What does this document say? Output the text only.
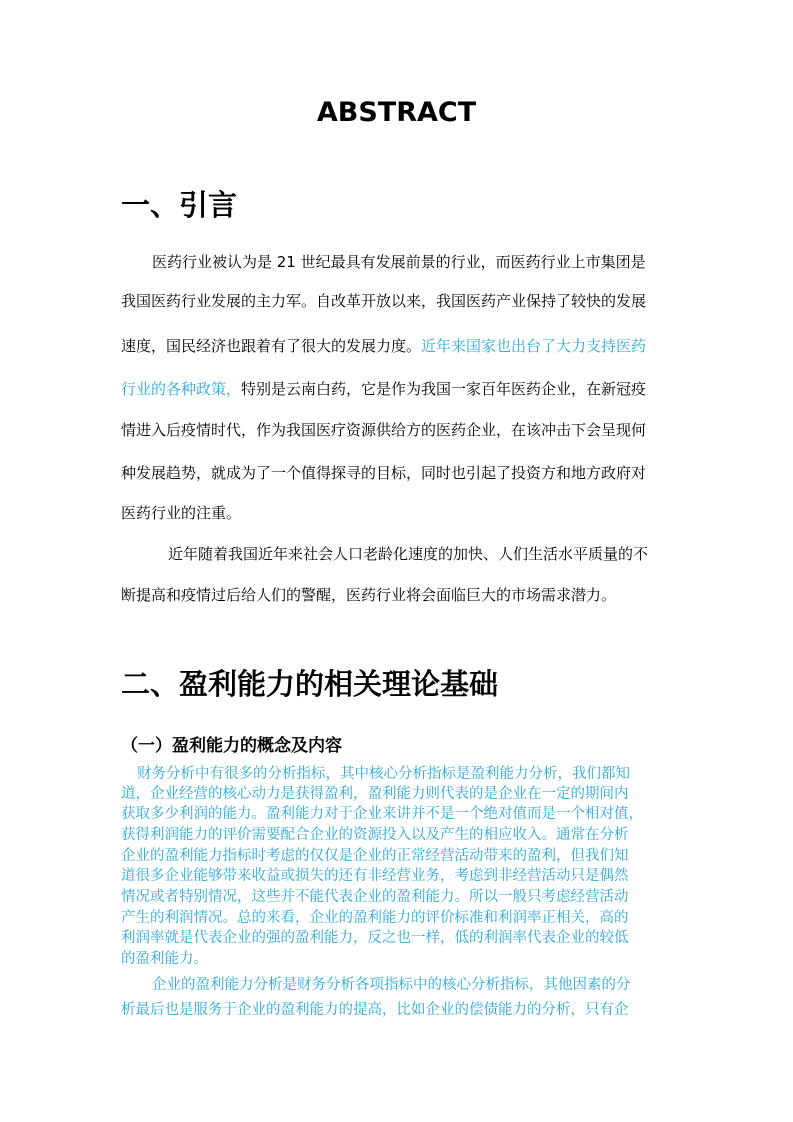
ABSTRACT
一、引言
医药行业被认为是 21 世纪最具有发展前景的行业，而医药行业上市集团是
我国医药行业发展的主力军。自改革开放以来，我国医药产业保持了较快的发展
速度，国民经济也跟着有了很大的发展力度。近年来国家也出台了大力支持医药
行业的各种政策，特别是云南白药，它是作为我国一家百年医药企业，在新冠疫
情进入后疫情时代，作为我国医疗资源供给方的医药企业，在该冲击下会呈现何
种发展趋势，就成为了一个值得探寻的目标，同时也引起了投资方和地方政府对
医药行业的注重。
近年随着我国近年来社会人口老龄化速度的加快、人们生活水平质量的不
断提高和疫情过后给人们的警醒，医药行业将会面临巨大的市场需求潜力。
二、盈利能力的相关理论基础
（一）盈利能力的概念及内容
财务分析中有很多的分析指标，其中核心分析指标是盈利能力分析，我们都知
道，企业经营的核心动力是获得盈利，盈利能力则代表的是企业在一定的期间内
获取多少利润的能力。盈利能力对于企业来讲并不是一个绝对值而是一个相对值，
获得利润能力的评价需要配合企业的资源投入以及产生的相应收入。通常在分析
企业的盈利能力指标时考虑的仅仅是企业的正常经营活动带来的盈利，但我们知
道很多企业能够带来收益或损失的还有非经营业务，考虑到非经营活动只是偶然
情况或者特别情况，这些并不能代表企业的盈利能力。所以一般只考虑经营活动
产生的利润情况。总的来看，企业的盈利能力的评价标准和利润率正相关，高的
利润率就是代表企业的强的盈利能力，反之也一样，低的利润率代表企业的较低
的盈利能力。
企业的盈利能力分析是财务分析各项指标中的核心分析指标，其他因素的分
析最后也是服务于企业的盈利能力的提高，比如企业的偿债能力的分析，只有企
